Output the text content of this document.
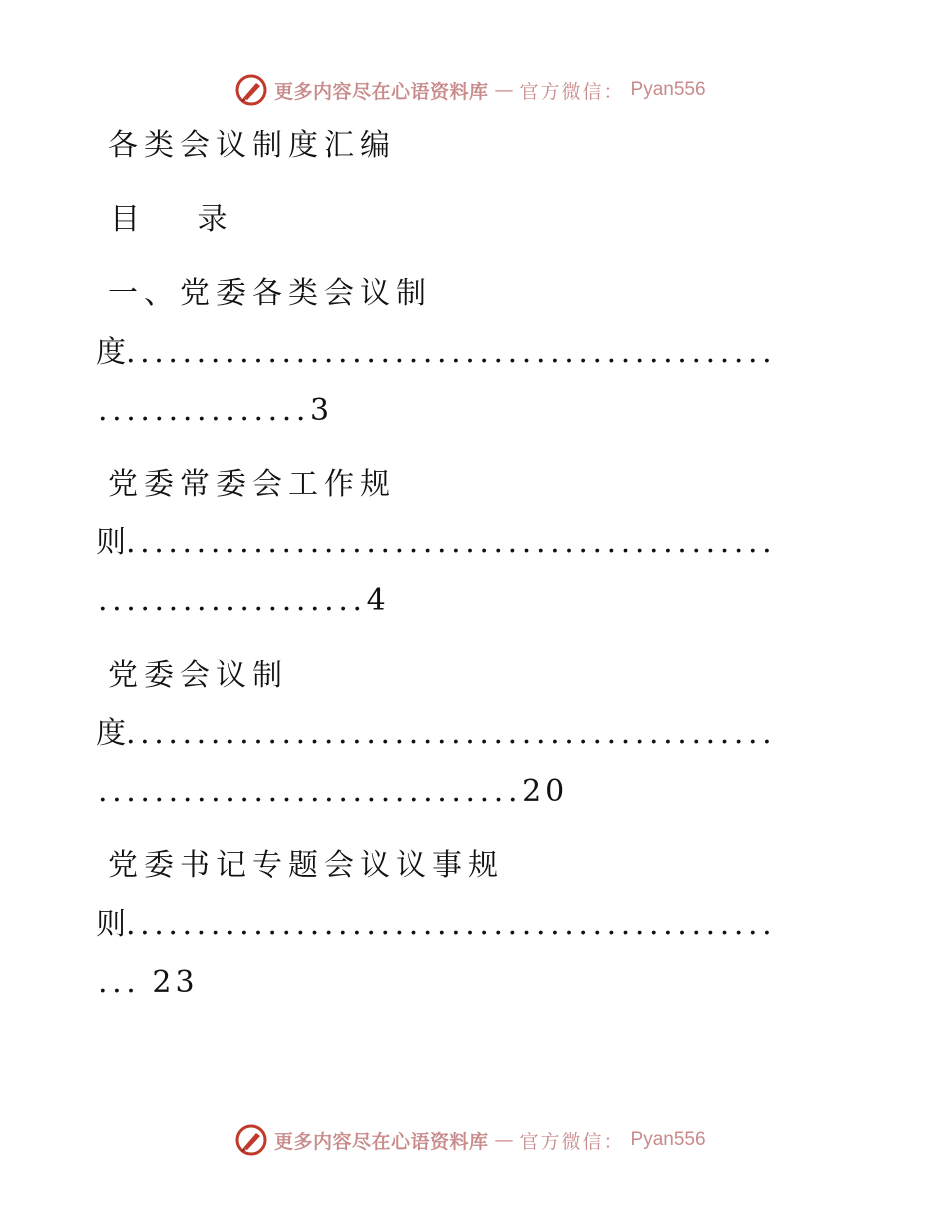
更多内容尽在心语资料库 — 官方微信： Pyan556
各类会议制度汇编
目 录
一、党委各类会议制
度 ..............................................
...............3
党委常委会工作规
则 ..............................................
...................4
党委会议制
度 ..............................................
..............................20
党委书记专题会议议事规
则 ..............................................
... 23
更多内容尽在心语资料库 — 官方微信： Pyan556
